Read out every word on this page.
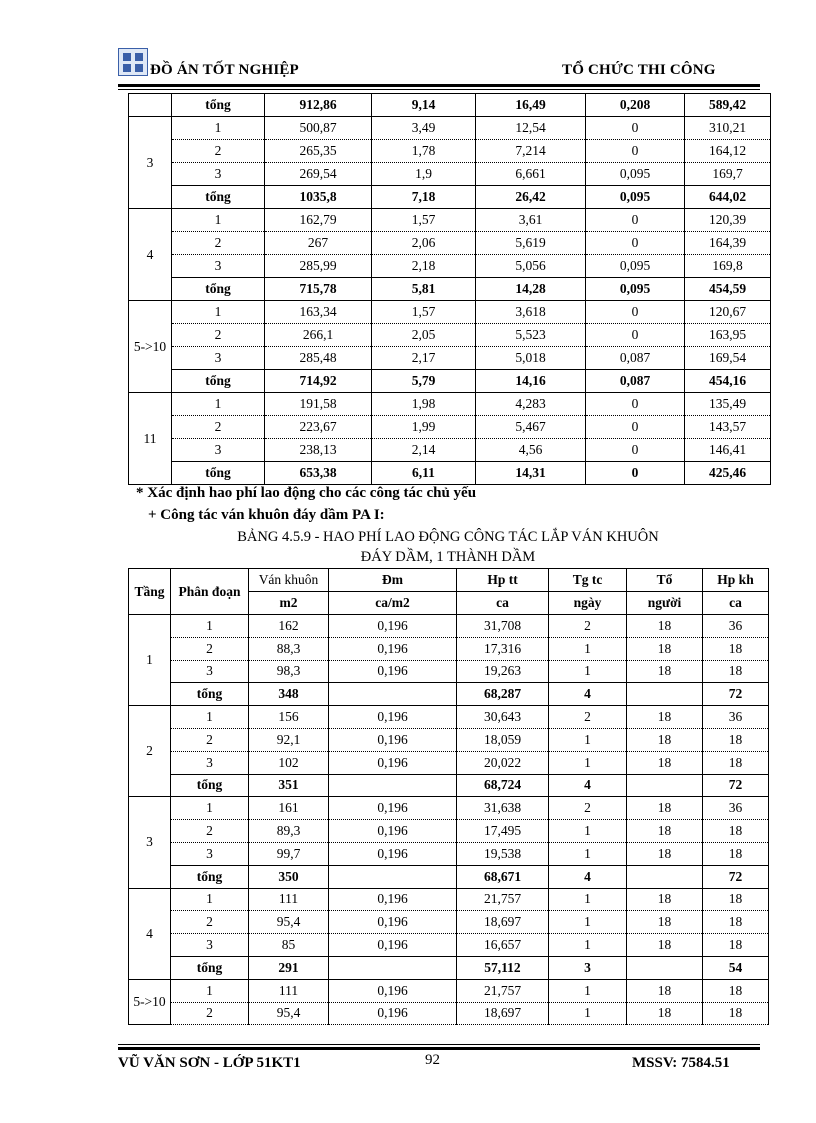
ĐỒ ÁN TỐT NGHIỆP	TỔ CHỨC THI CÔNG
	tổng	912,86	9,14	16,49	0,208	589,42
3	1	500,87	3,49	12,54	0	310,21
	2	265,35	1,78	7,214	0	164,12
	3	269,54	1,9	6,661	0,095	169,7
	tổng	1035,8	7,18	26,42	0,095	644,02
4	1	162,79	1,57	3,61	0	120,39
	2	267	2,06	5,619	0	164,39
	3	285,99	2,18	5,056	0,095	169,8
	tổng	715,78	5,81	14,28	0,095	454,59
5->10	1	163,34	1,57	3,618	0	120,67
	2	266,1	2,05	5,523	0	163,95
	3	285,48	2,17	5,018	0,087	169,54
	tổng	714,92	5,79	14,16	0,087	454,16
11	1	191,58	1,98	4,283	0	135,49
	2	223,67	1,99	5,467	0	143,57
	3	238,13	2,14	4,56	0	146,41
	tổng	653,38	6,11	14,31	0	425,46
* Xác định hao phí lao động cho các công tác chủ yếu
+ Công tác ván khuôn đáy dầm PA I:
BẢNG 4.5.9 - HAO PHÍ LAO ĐỘNG CÔNG TÁC LẮP VÁN KHUÔN
ĐÁY DẦM, 1 THÀNH DẦM
Tầng	Phân đoạn	Ván khuôn	Đm	Hp tt	Tg tc	Tổ	Hp kh
		m2	ca/m2	ca	ngày	người	ca
1	1	162	0,196	31,708	2	18	36
	2	88,3	0,196	17,316	1	18	18
	3	98,3	0,196	19,263	1	18	18
	tổng	348		68,287	4		72
2	1	156	0,196	30,643	2	18	36
	2	92,1	0,196	18,059	1	18	18
	3	102	0,196	20,022	1	18	18
	tổng	351		68,724	4		72
3	1	161	0,196	31,638	2	18	36
	2	89,3	0,196	17,495	1	18	18
	3	99,7	0,196	19,538	1	18	18
	tổng	350		68,671	4		72
4	1	111	0,196	21,757	1	18	18
	2	95,4	0,196	18,697	1	18	18
	3	85	0,196	16,657	1	18	18
	tổng	291		57,112	3		54
5->10	1	111	0,196	21,757	1	18	18
	2	95,4	0,196	18,697	1	18	18
VŨ VĂN SƠN - LỚP 51KT1	92	MSSV: 7584.51
